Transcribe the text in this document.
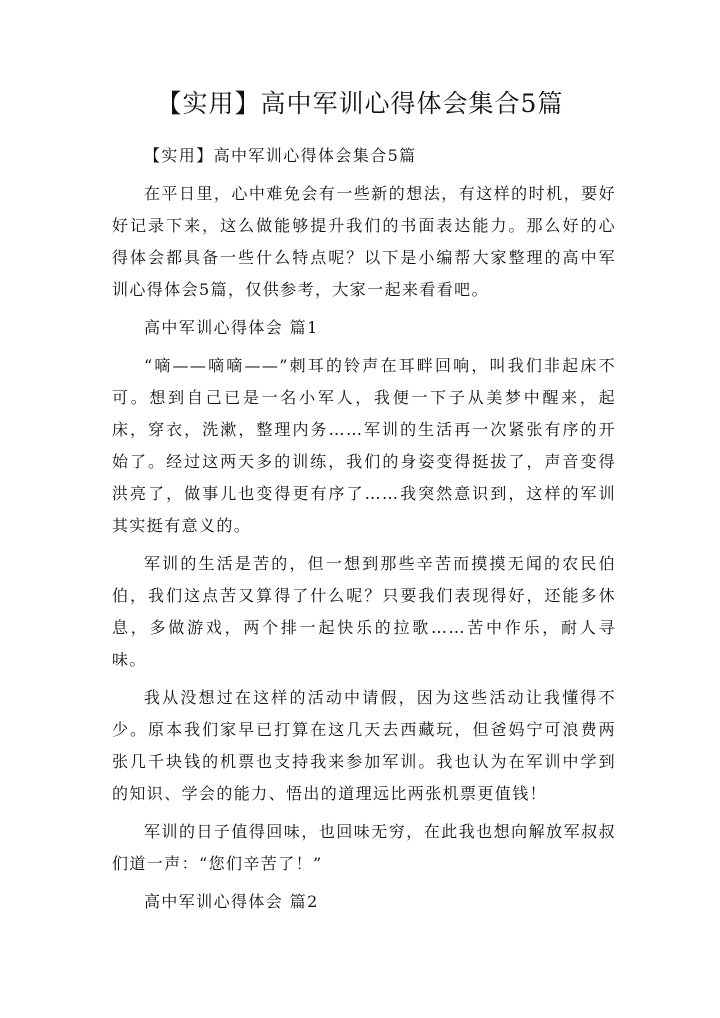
【实用】高中军训心得体会集合5篇

【实用】高中军训心得体会集合5篇

在平日里，心中难免会有一些新的想法，有这样的时机，要好好记录下来，这么做能够提升我们的书面表达能力。那么好的心得体会都具备一些什么特点呢？以下是小编帮大家整理的高中军训心得体会5篇，仅供参考，大家一起来看看吧。

高中军训心得体会 篇1

“嘀——嘀嘀——”刺耳的铃声在耳畔回响，叫我们非起床不可。想到自己已是一名小军人，我便一下子从美梦中醒来，起床，穿衣，洗漱，整理内务……军训的生活再一次紧张有序的开始了。经过这两天多的训练，我们的身姿变得挺拔了，声音变得洪亮了，做事儿也变得更有序了……我突然意识到，这样的军训其实挺有意义的。

军训的生活是苦的，但一想到那些辛苦而摸摸无闻的农民伯伯，我们这点苦又算得了什么呢？只要我们表现得好，还能多休息，多做游戏，两个排一起快乐的拉歌……苦中作乐，耐人寻味。

我从没想过在这样的活动中请假，因为这些活动让我懂得不少。原本我们家早已打算在这几天去西藏玩，但爸妈宁可浪费两张几千块钱的机票也支持我来参加军训。我也认为在军训中学到的知识、学会的能力、悟出的道理远比两张机票更值钱！

军训的日子值得回味，也回味无穷，在此我也想向解放军叔叔们道一声：“您们辛苦了！”

高中军训心得体会 篇2
